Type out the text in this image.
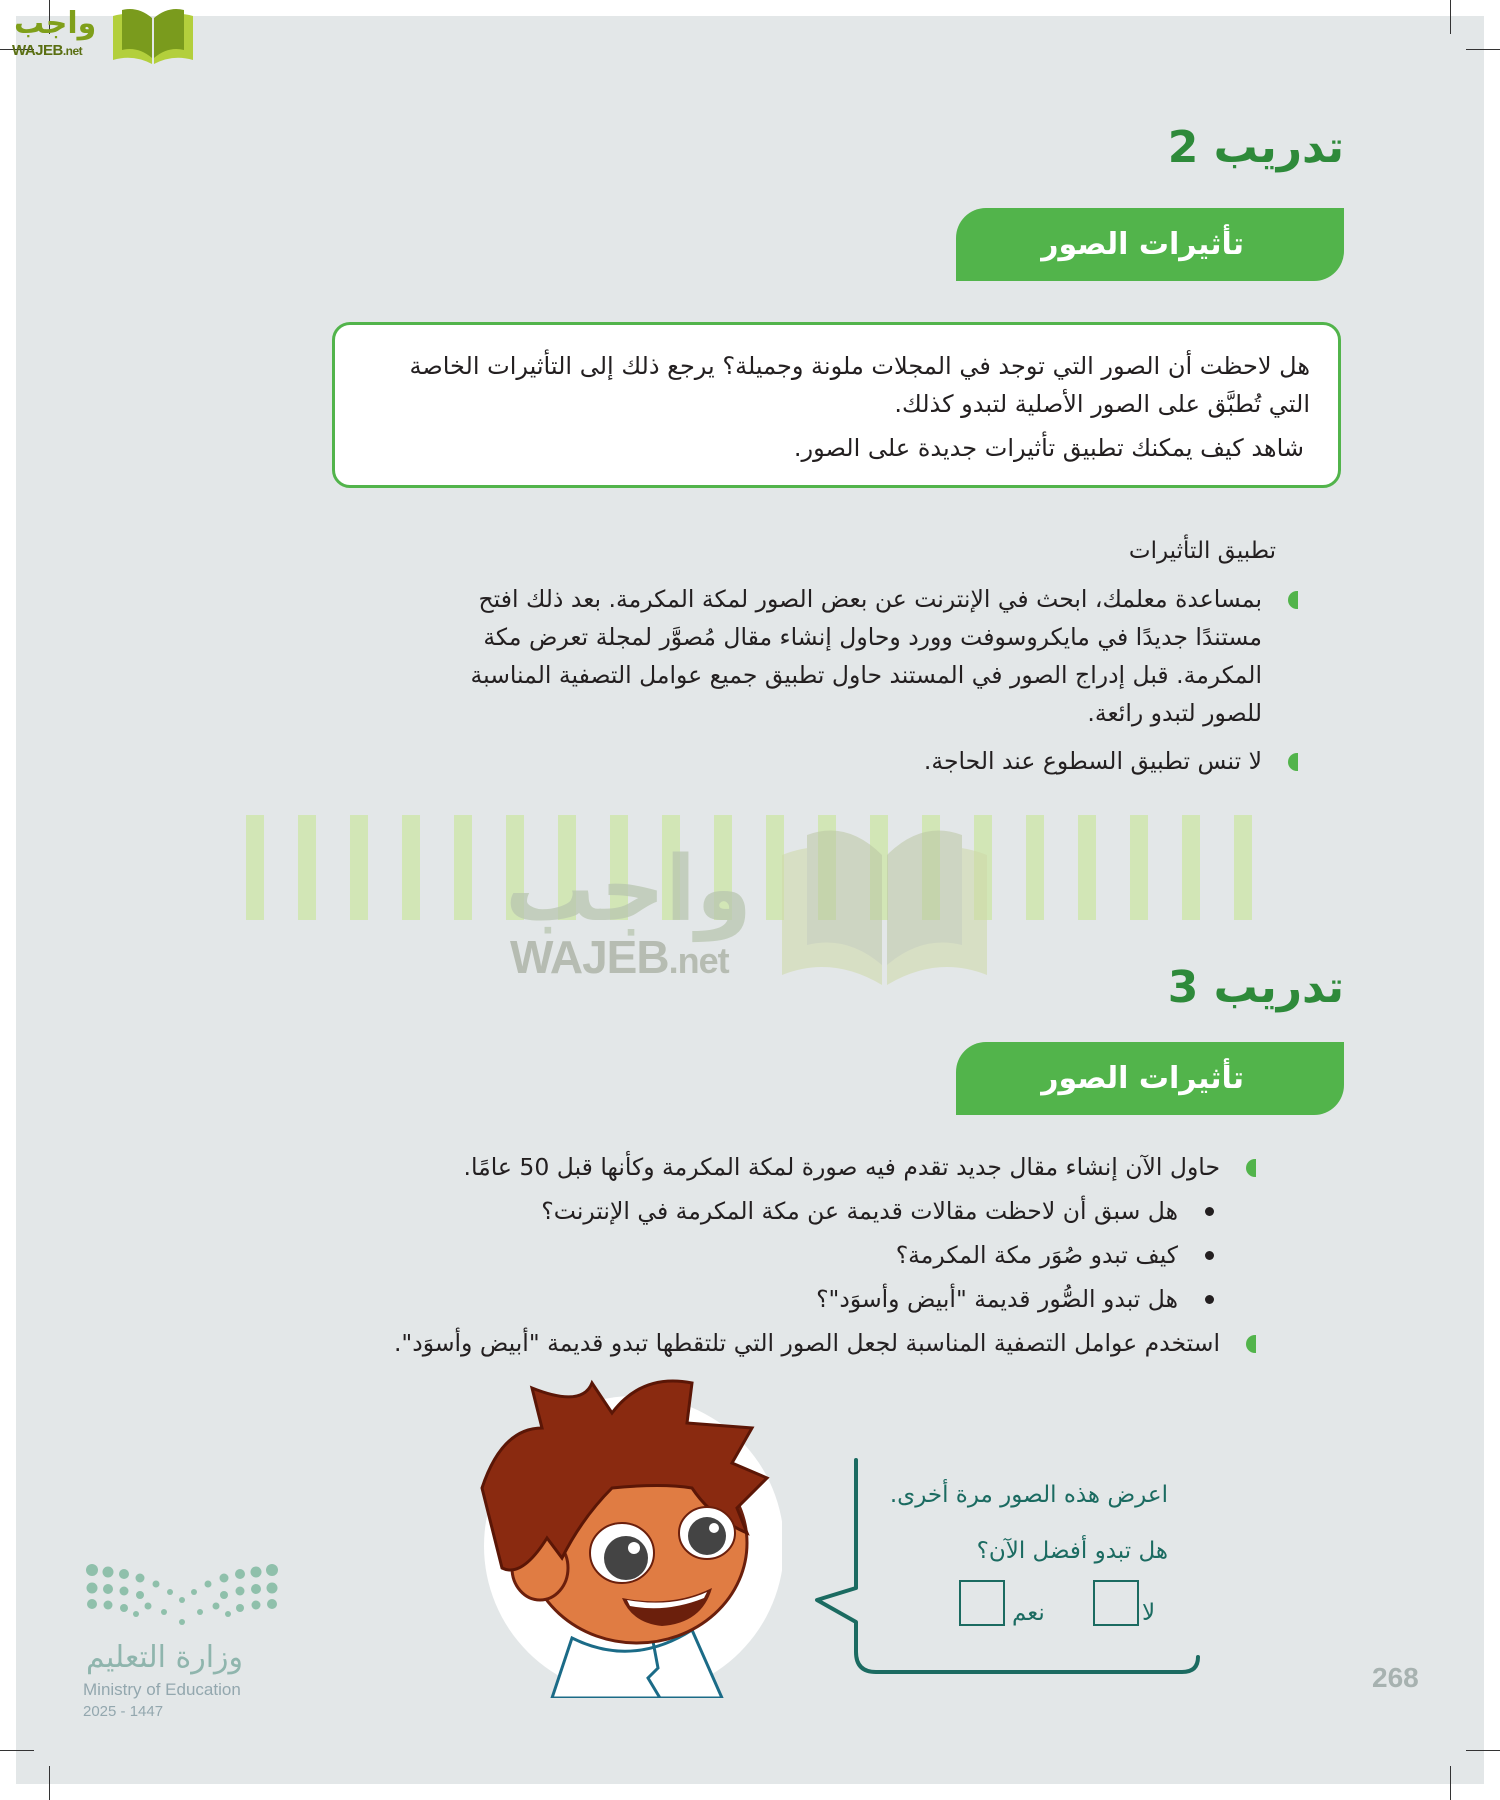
واجب
WAJEB.net
تدريب 2
تأثيرات الصور

هل لاحظت أن الصور التي توجد في المجلات ملونة وجميلة؟ يرجع ذلك إلى التأثيرات الخاصة التي تُطبَّق على الصور الأصلية لتبدو كذلك.

شاهد كيف يمكنك تطبيق تأثيرات جديدة على الصور.

تطبيق التأثيرات
بمساعدة معلمك، ابحث في الإنترنت عن بعض الصور لمكة المكرمة. بعد ذلك افتح مستندًا جديدًا في مايكروسوفت وورد وحاول إنشاء مقال مُصوَّر لمجلة تعرض مكة المكرمة. قبل إدراج الصور في المستند حاول تطبيق جميع عوامل التصفية المناسبة للصور لتبدو رائعة.
لا تنس تطبيق السطوع عند الحاجة.
واجب
WAJEB.net
تدريب 3
تأثيرات الصور
حاول الآن إنشاء مقال جديد تقدم فيه صورة لمكة المكرمة وكأنها قبل 50 عامًا.
هل سبق أن لاحظت مقالات قديمة عن مكة المكرمة في الإنترنت؟
كيف تبدو صُوَر مكة المكرمة؟
هل تبدو الصُّور قديمة "أبيض وأسوَد"؟
استخدم عوامل التصفية المناسبة لجعل الصور التي تلتقطها تبدو قديمة "أبيض وأسوَد".
اعرض هذه الصور مرة أخرى.
هل تبدو أفضل الآن؟
لا
نعم
وزارة التعليم
Ministry of Education
2025 - 1447
268
